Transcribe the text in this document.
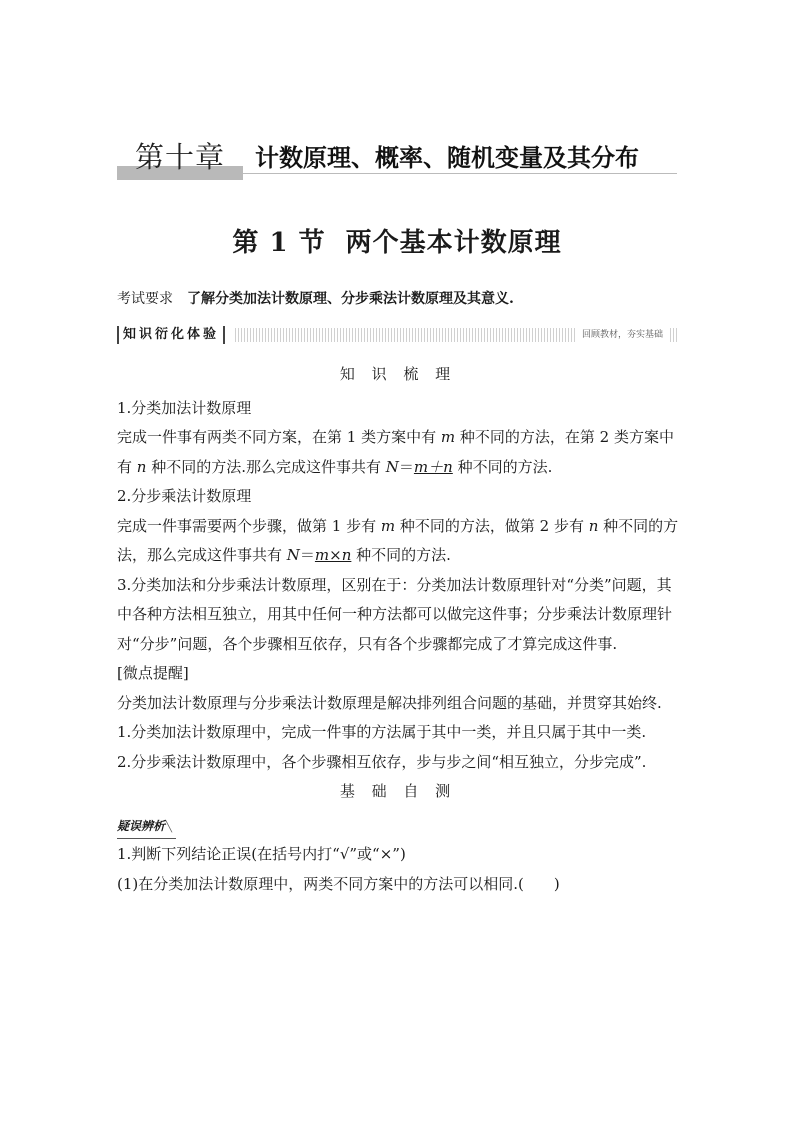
第十章 计数原理、概率、随机变量及其分布
第 1 节 两个基本计数原理
考试要求 了解分类加法计数原理、分步乘法计数原理及其意义.
知识衍化体验	回顾教材，夯实基础

知 识 梳 理

1.分类加法计数原理

完成一件事有两类不同方案，在第 1 类方案中有 m 种不同的方法，在第 2 类方案中有 n 种不同的方法.那么完成这件事共有 N＝m＋n 种不同的方法.

2.分步乘法计数原理

完成一件事需要两个步骤，做第 1 步有 m 种不同的方法，做第 2 步有 n 种不同的方法，那么完成这件事共有 N＝m×n 种不同的方法.

3.分类加法和分步乘法计数原理，区别在于：分类加法计数原理针对“分类”问题，其中各种方法相互独立，用其中任何一种方法都可以做完这件事；分步乘法计数原理针对“分步”问题，各个步骤相互依存，只有各个步骤都完成了才算完成这件事.

[微点提醒]

分类加法计数原理与分步乘法计数原理是解决排列组合问题的基础，并贯穿其始终.

1.分类加法计数原理中，完成一件事的方法属于其中一类，并且只属于其中一类.

2.分步乘法计数原理中，各个步骤相互依存，步与步之间“相互独立，分步完成”.

基 础 自 测

疑误辨析 ╲

1.判断下列结论正误(在括号内打“√”或“×”)

(1)在分类加法计数原理中，两类不同方案中的方法可以相同.(　　)
